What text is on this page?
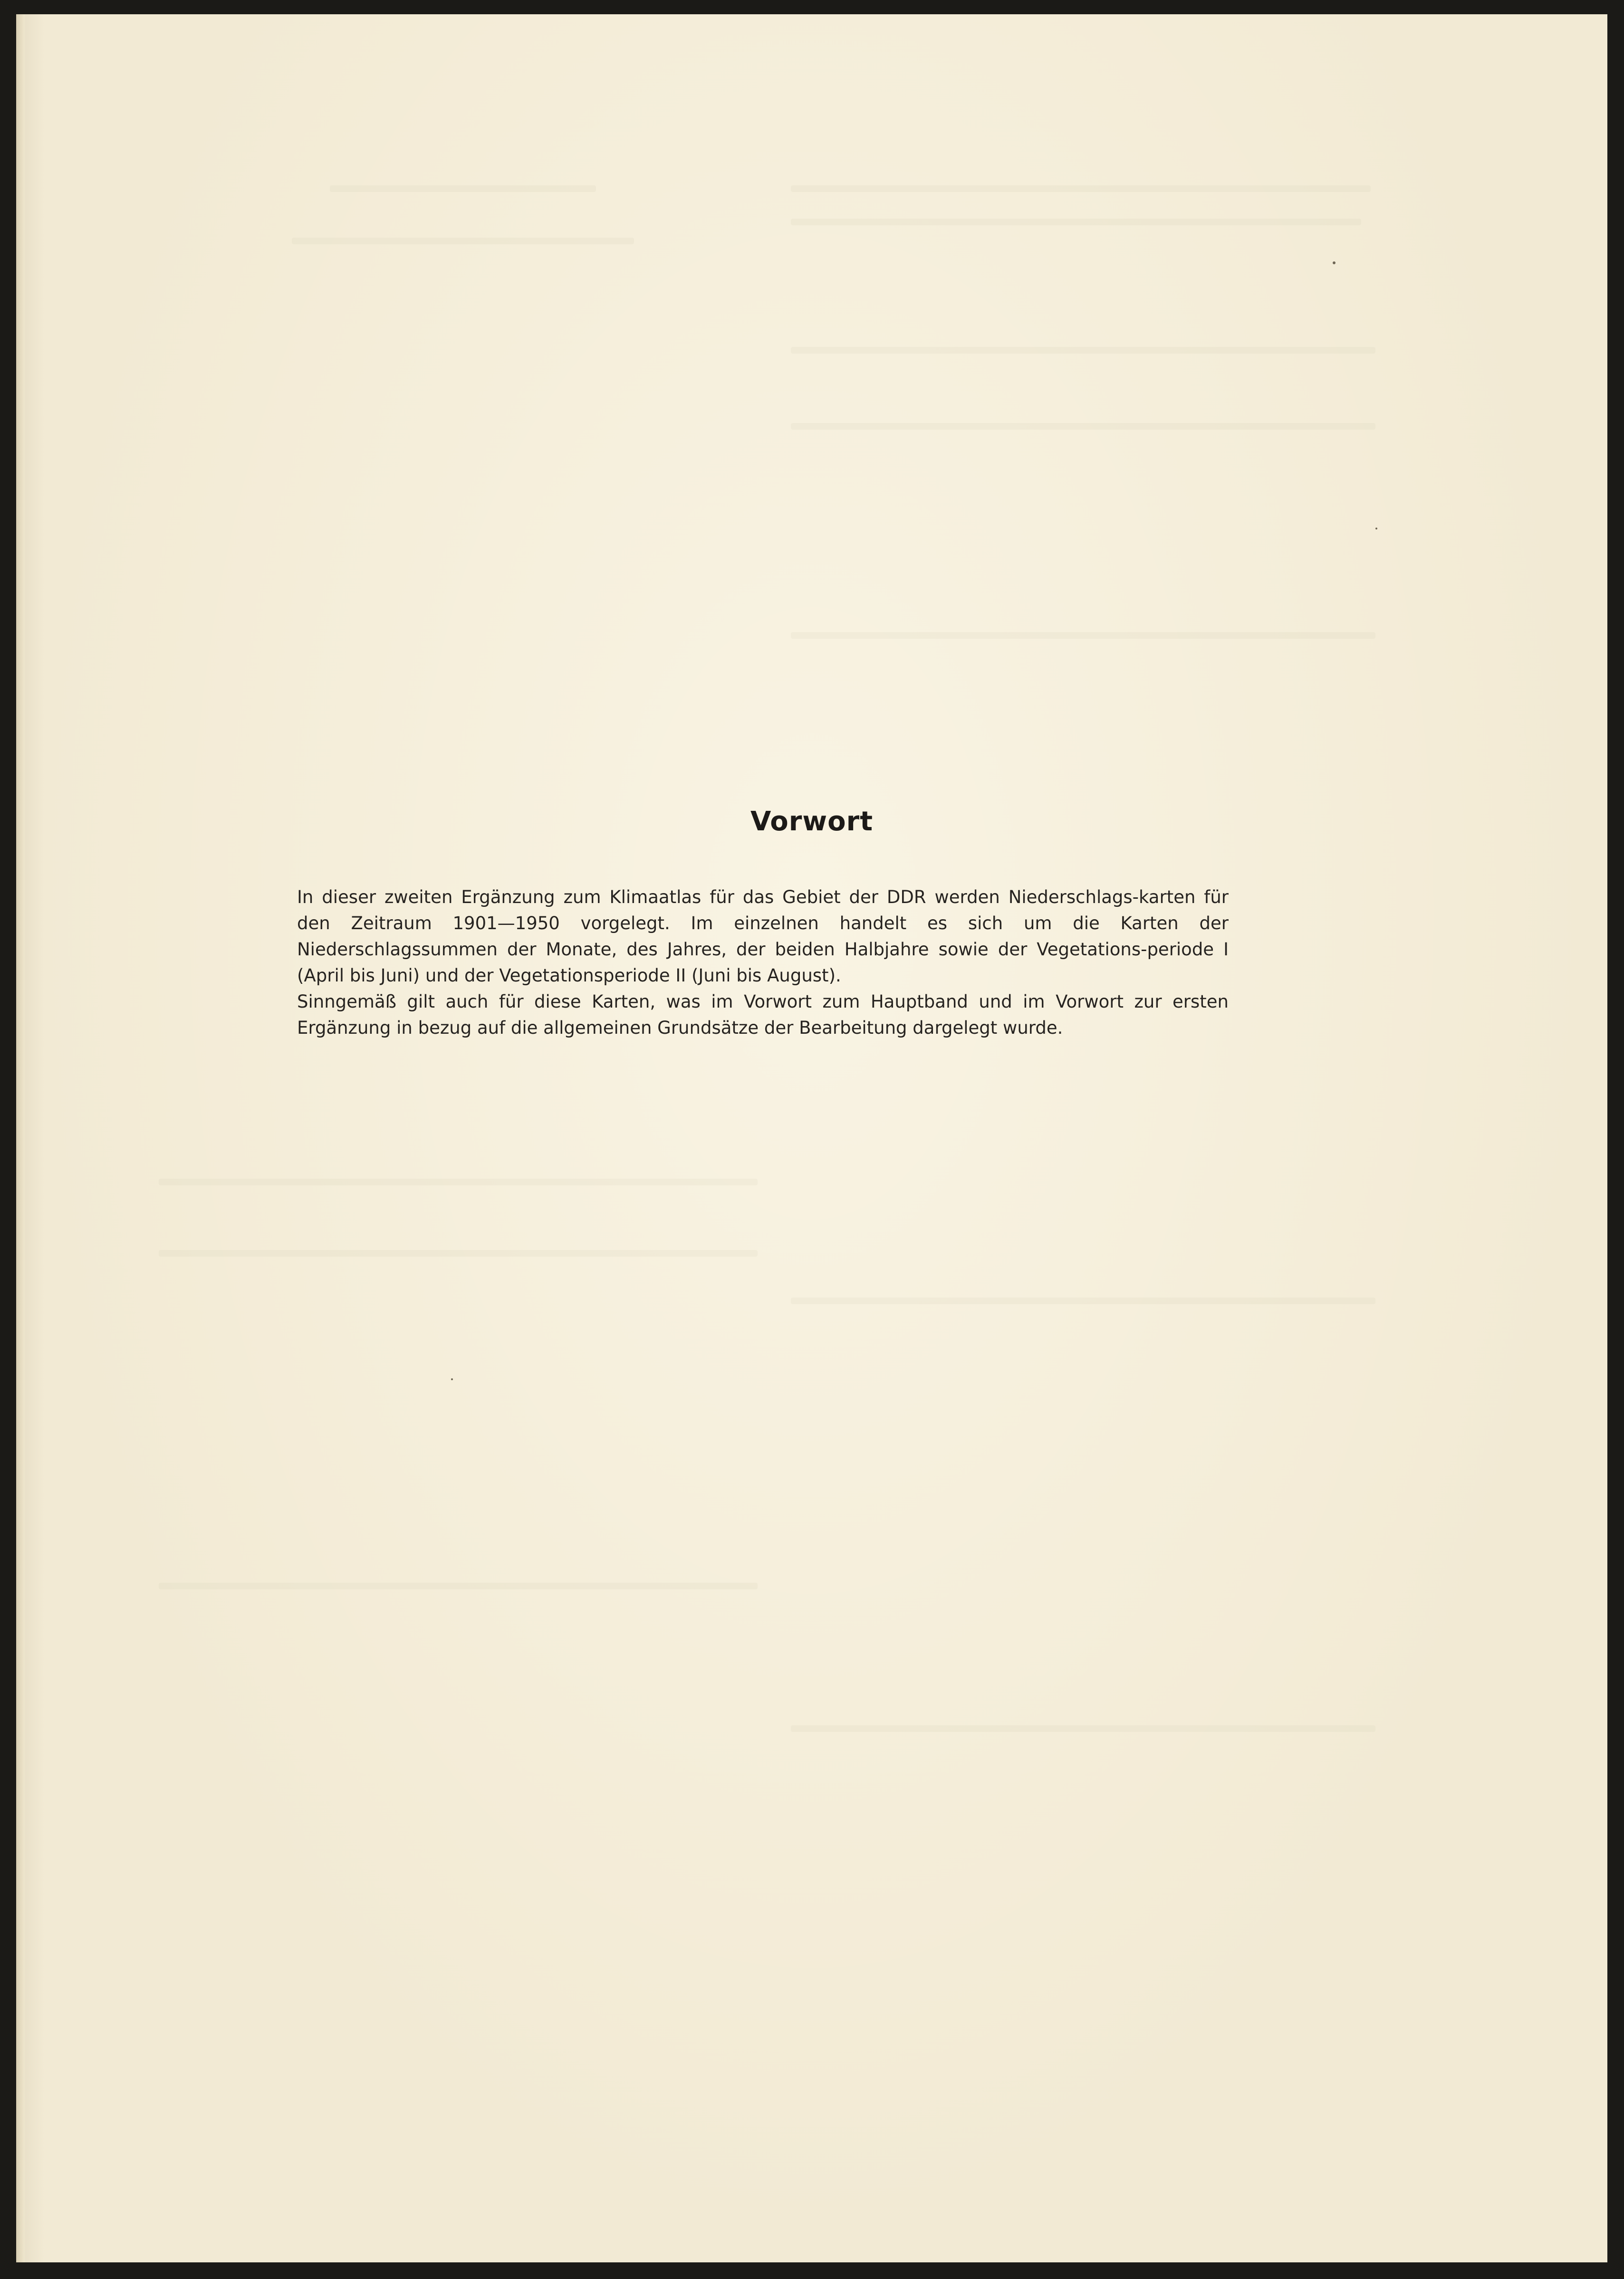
Vorwort

In dieser zweiten Ergänzung zum Klimaatlas für das Gebiet der DDR werden Niederschlags-karten für den Zeitraum 1901—1950 vorgelegt. Im einzelnen handelt es sich um die Karten der Niederschlagssummen der Monate, des Jahres, der beiden Halbjahre sowie der Vegetations-periode I (April bis Juni) und der Vegetationsperiode II (Juni bis August).

Sinngemäß gilt auch für diese Karten, was im Vorwort zum Hauptband und im Vorwort zur ersten Ergänzung in bezug auf die allgemeinen Grundsätze der Bearbeitung dargelegt wurde.
